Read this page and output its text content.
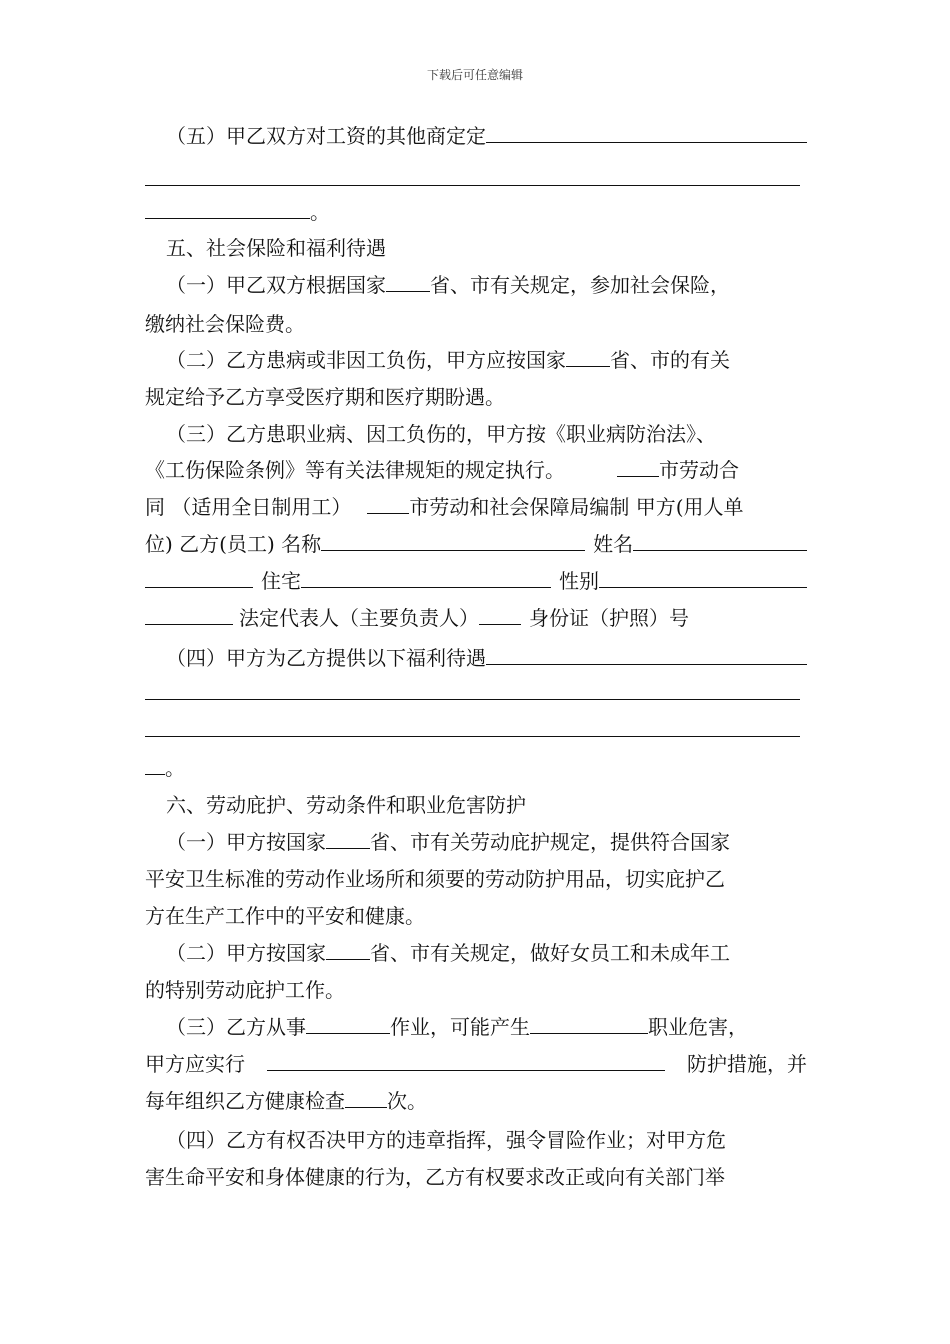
下载后可任意编辑
（五）甲乙双方对工资的其他商定定
。
五、社会保险和福利待遇
（一）甲乙双方根据国家 省、市有关规定，参加社会保险，
缴纳社会保险费。
（二）乙方患病或非因工负伤，甲方应按国家 省、市的有关
规定给予乙方享受医疗期和医疗期盼遇。
（三）乙方患职业病、因工负伤的，甲方按《职业病防治法》、
《工伤保险条例》等有关法律规矩的规定执行。	市劳动合
同 （适用全日制用工）	市劳动和社会保障局编制 甲方(用人单
位) 乙方(员工) 名称	姓名
住宅	性别
法定代表人（主要负责人）	身份证（护照）号
（四）甲方为乙方提供以下福利待遇
。
六、劳动庇护、劳动条件和职业危害防护
（一）甲方按国家 省、市有关劳动庇护规定，提供符合国家
平安卫生标准的劳动作业场所和须要的劳动防护用品，切实庇护乙
方在生产工作中的平安和健康。
（二）甲方按国家 省、市有关规定，做好女员工和未成年工
的特别劳动庇护工作。
（三）乙方从事	作业，可能产生	职业危害，
甲方应实行	防护措施，并
每年组织乙方健康检查 次。
（四）乙方有权否决甲方的违章指挥，强令冒险作业；对甲方危
害生命平安和身体健康的行为，乙方有权要求改正或向有关部门举
